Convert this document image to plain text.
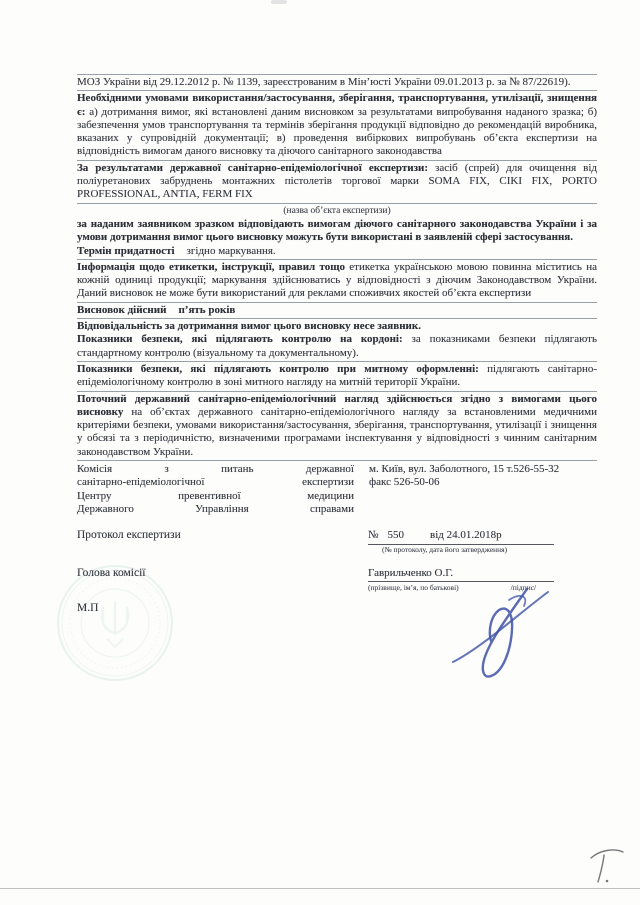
МОЗ України від 29.12.2012 р. № 1139, зареєстрованим в Мін’юсті України 09.01.2013 р. за № 87/22619).

Необхідними умовами використання/застосування, зберігання, транспортування, утилізації, знищення є: а) дотримання вимог, які встановлені даним висновком за результатами випробування наданого зразка; б) забезпечення умов транспортування та термінів зберігання продукції відповідно до рекомендацій виробника, вказаних у супровідній документації; в) проведення вибіркових випробувань об’єкта експертизи на відповідність вимогам даного висновку та діючого санітарного законодавства

За результатами державної санітарно-епідеміологічної експертизи: засіб (спрей) для очищення від поліуретанових забруднень монтажних пістолетів торгової марки SOMA FIX, CIKI FIX, PORTO PROFESSIONAL, ANTIA, FERM FIX

(назва об’єкта експертизи)

за наданим заявником зразком відповідають вимогам діючого санітарного законодавства України і за умови дотримання вимог цього висновку можуть бути використані в заявленій сфері застосування.

Термін придатності згідно маркування.

Інформація щодо етикетки, інструкції, правил тощо етикетка українською мовою повинна міститись на кожній одиниці продукції; маркування здійснюватись у відповідності з діючим Законодавством України. Даний висновок не може бути використаний для реклами споживчих якостей об’єкта експертизи

Висновок дійсний п’ять років

Відповідальність за дотримання вимог цього висновку несе заявник.

Показники безпеки, які підлягають контролю на кордоні: за показниками безпеки підлягають стандартному контролю (візуальному та документальному).

Показники безпеки, які підлягають контролю при митному оформленні: підлягають санітарно-епідеміологічному контролю в зоні митного нагляду на митній території України.

Поточний державний санітарно-епідеміологічний нагляд здійснюється згідно з вимогами цього висновку на об’єктах державного санітарно-епідеміологічного нагляду за встановленими медичними критеріями безпеки, умовами використання/застосування, зберігання, транспортування, утилізації і знищення у обсязі та з періодичністю, визначеними програмами інспектування у відповідності з чинним санітарним законодавством України.

Комісія з питань державної
санітарно-епідеміологічної експертизи
Центру превентивної медицини
Державного Управління справами
м. Київ, вул. Заболотного, 15 т.526-55-32
факс 526-50-06
Протокол експертизи	№ 550 від 24.01.2018р
(№ протоколу, дата його затвердження)
Голова комісії	Гаврильченко О.Г.
(прізвище, ім’я, по батькові)	/підпис/
М.П
